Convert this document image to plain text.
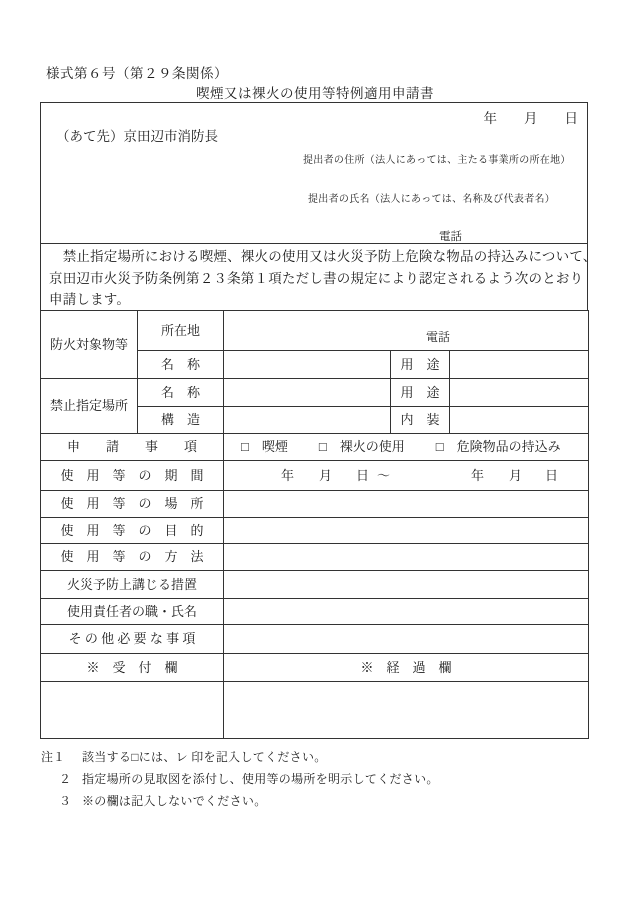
様式第６号（第２９条関係）
喫煙又は裸火の使用等特例適用申請書
年 月 日
（あて先）京田辺市消防長
提出者の住所（法人にあっては、主たる事業所の所在地）
提出者の氏名（法人にあっては、名称及び代表者名）
電話
　禁止指定場所における喫煙、裸火の使用又は火災予防上危険な物品の持込みについて、
京田辺市火災予防条例第２３条第１項ただし書の規定により認定されるよう次のとおり
申請します。
防火対象物等	所在地	電話		

	名　称		用　途	
禁止指定場所	名　称		用　途	
	構　造		内　装	
申　　請　　事　　項	□ 喫煙 □ 裸火の使用 □ 危険物品の持込み

使　用　等　の　期　間	年 月 日 ～	年 月 日

使　用　等　の　場　所				
使　用　等　の　目　的				
使　用　等　の　方　法				
火災予防上講じる措置				
使用責任者の職・氏名				
そ の 他 必 要 な 事 項				
※　受　付　欄		※　経　過　欄		

注１ 該当する□には、レ 印を記入してください。
２ 指定場所の見取図を添付し、使用等の場所を明示してください。
３ ※の欄は記入しないでください。
